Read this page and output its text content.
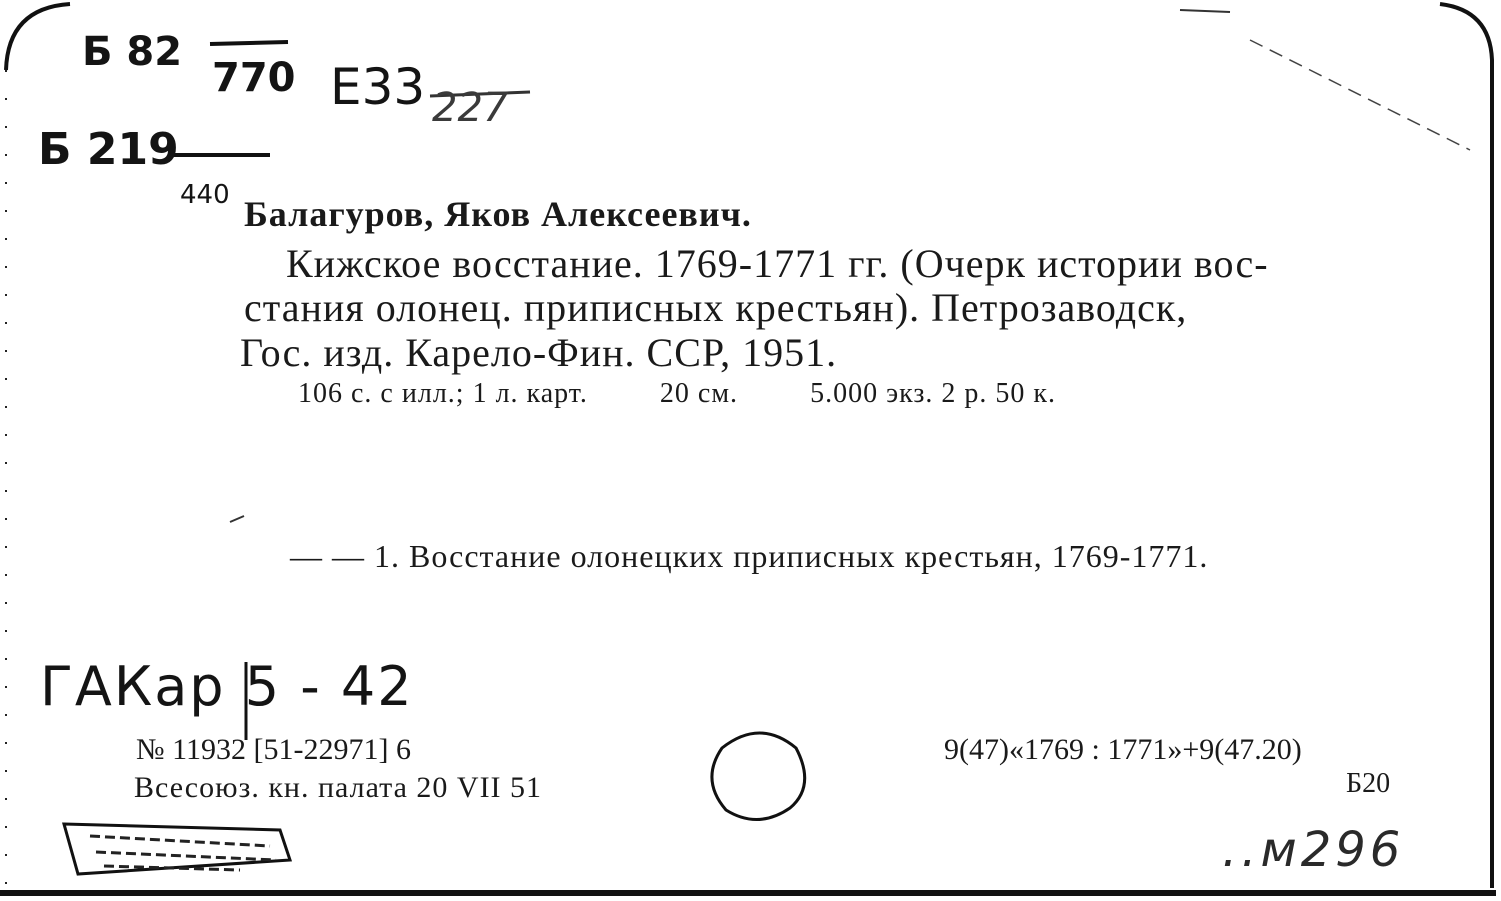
Б 82
770 Е33 227
Б 219
440 Балагуров, Яков Алексеевич.
Кижское восстание. 1769-1771 гг. (Очерк истории вос-
стания олонец. приписных крестьян). Петрозаводск,
Гос. изд. Карело-Фин. ССР, 1951.
106 с. с илл.; 1 л. карт.	20 см.	5.000 экз. 2 р. 50 к.
— — 1. Восстание олонецких приписных крестьян, 1769-1771.
ГАКар 5 - 42
№ 11932 [51-22971] 6
Всесоюз. кн. палата 20 VII 51
9(47)«1769 : 1771»+9(47.20)
Б20
..м296
